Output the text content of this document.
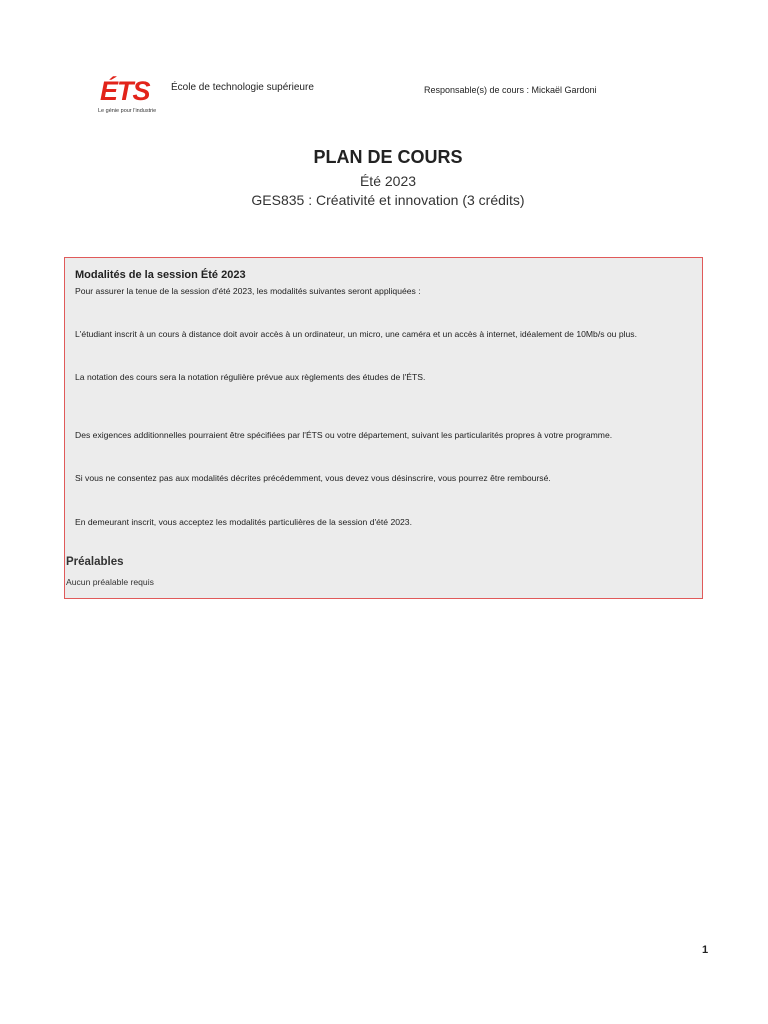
ÉTS
Le génie pour l'industrie
École de technologie supérieure	Responsable(s) de cours : Mickaël Gardoni
PLAN DE COURS
Été 2023
GES835 : Créativité et innovation (3 crédits)
Modalités de la session Été 2023
Pour assurer la tenue de la session d'été 2023, les modalités suivantes seront appliquées :
L'étudiant inscrit à un cours à distance doit avoir accès à un ordinateur, un micro, une caméra et un accès à internet, idéalement de 10Mb/s ou plus.
La notation des cours sera la notation régulière prévue aux règlements des études de l'ÉTS.
Des exigences additionnelles pourraient être spécifiées par l'ÉTS ou votre département, suivant les particularités propres à votre programme.
Si vous ne consentez pas aux modalités décrites précédemment, vous devez vous désinscrire, vous pourrez être remboursé.
En demeurant inscrit, vous acceptez les modalités particulières de la session d'été 2023.
Préalables
Aucun préalable requis
1
